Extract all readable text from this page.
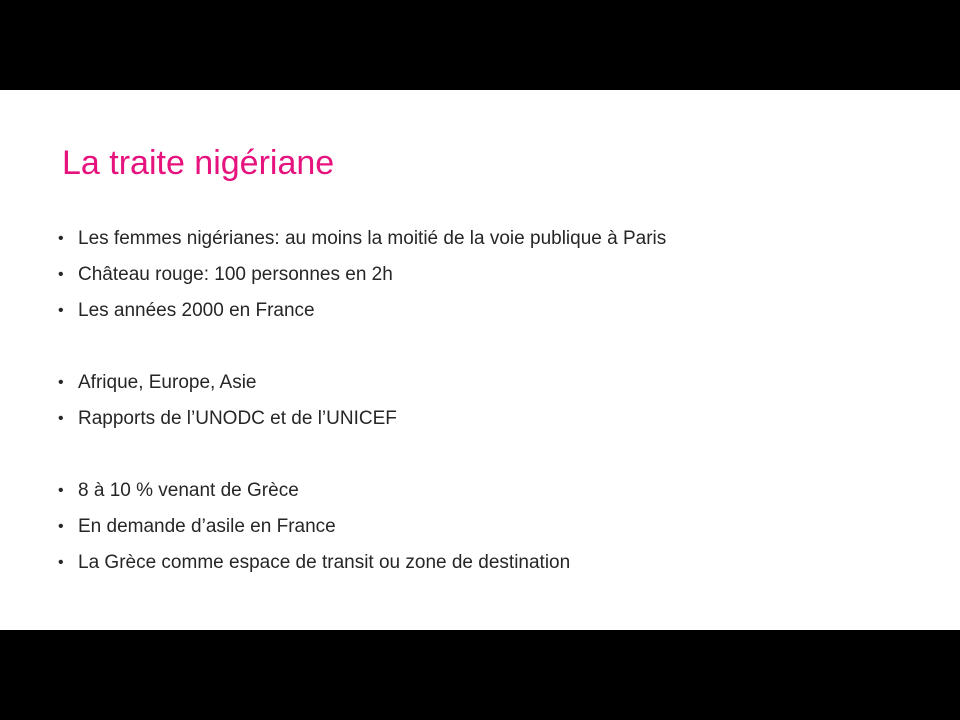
La traite nigériane
• Les femmes nigérianes: au moins la moitié de la voie publique à Paris
• Château rouge: 100 personnes en 2h
• Les années 2000 en France
• Afrique, Europe, Asie
• Rapports de l’UNODC et de l’UNICEF
• 8 à 10 % venant de Grèce
• En demande d’asile en France
• La Grèce comme espace de transit ou zone de destination
